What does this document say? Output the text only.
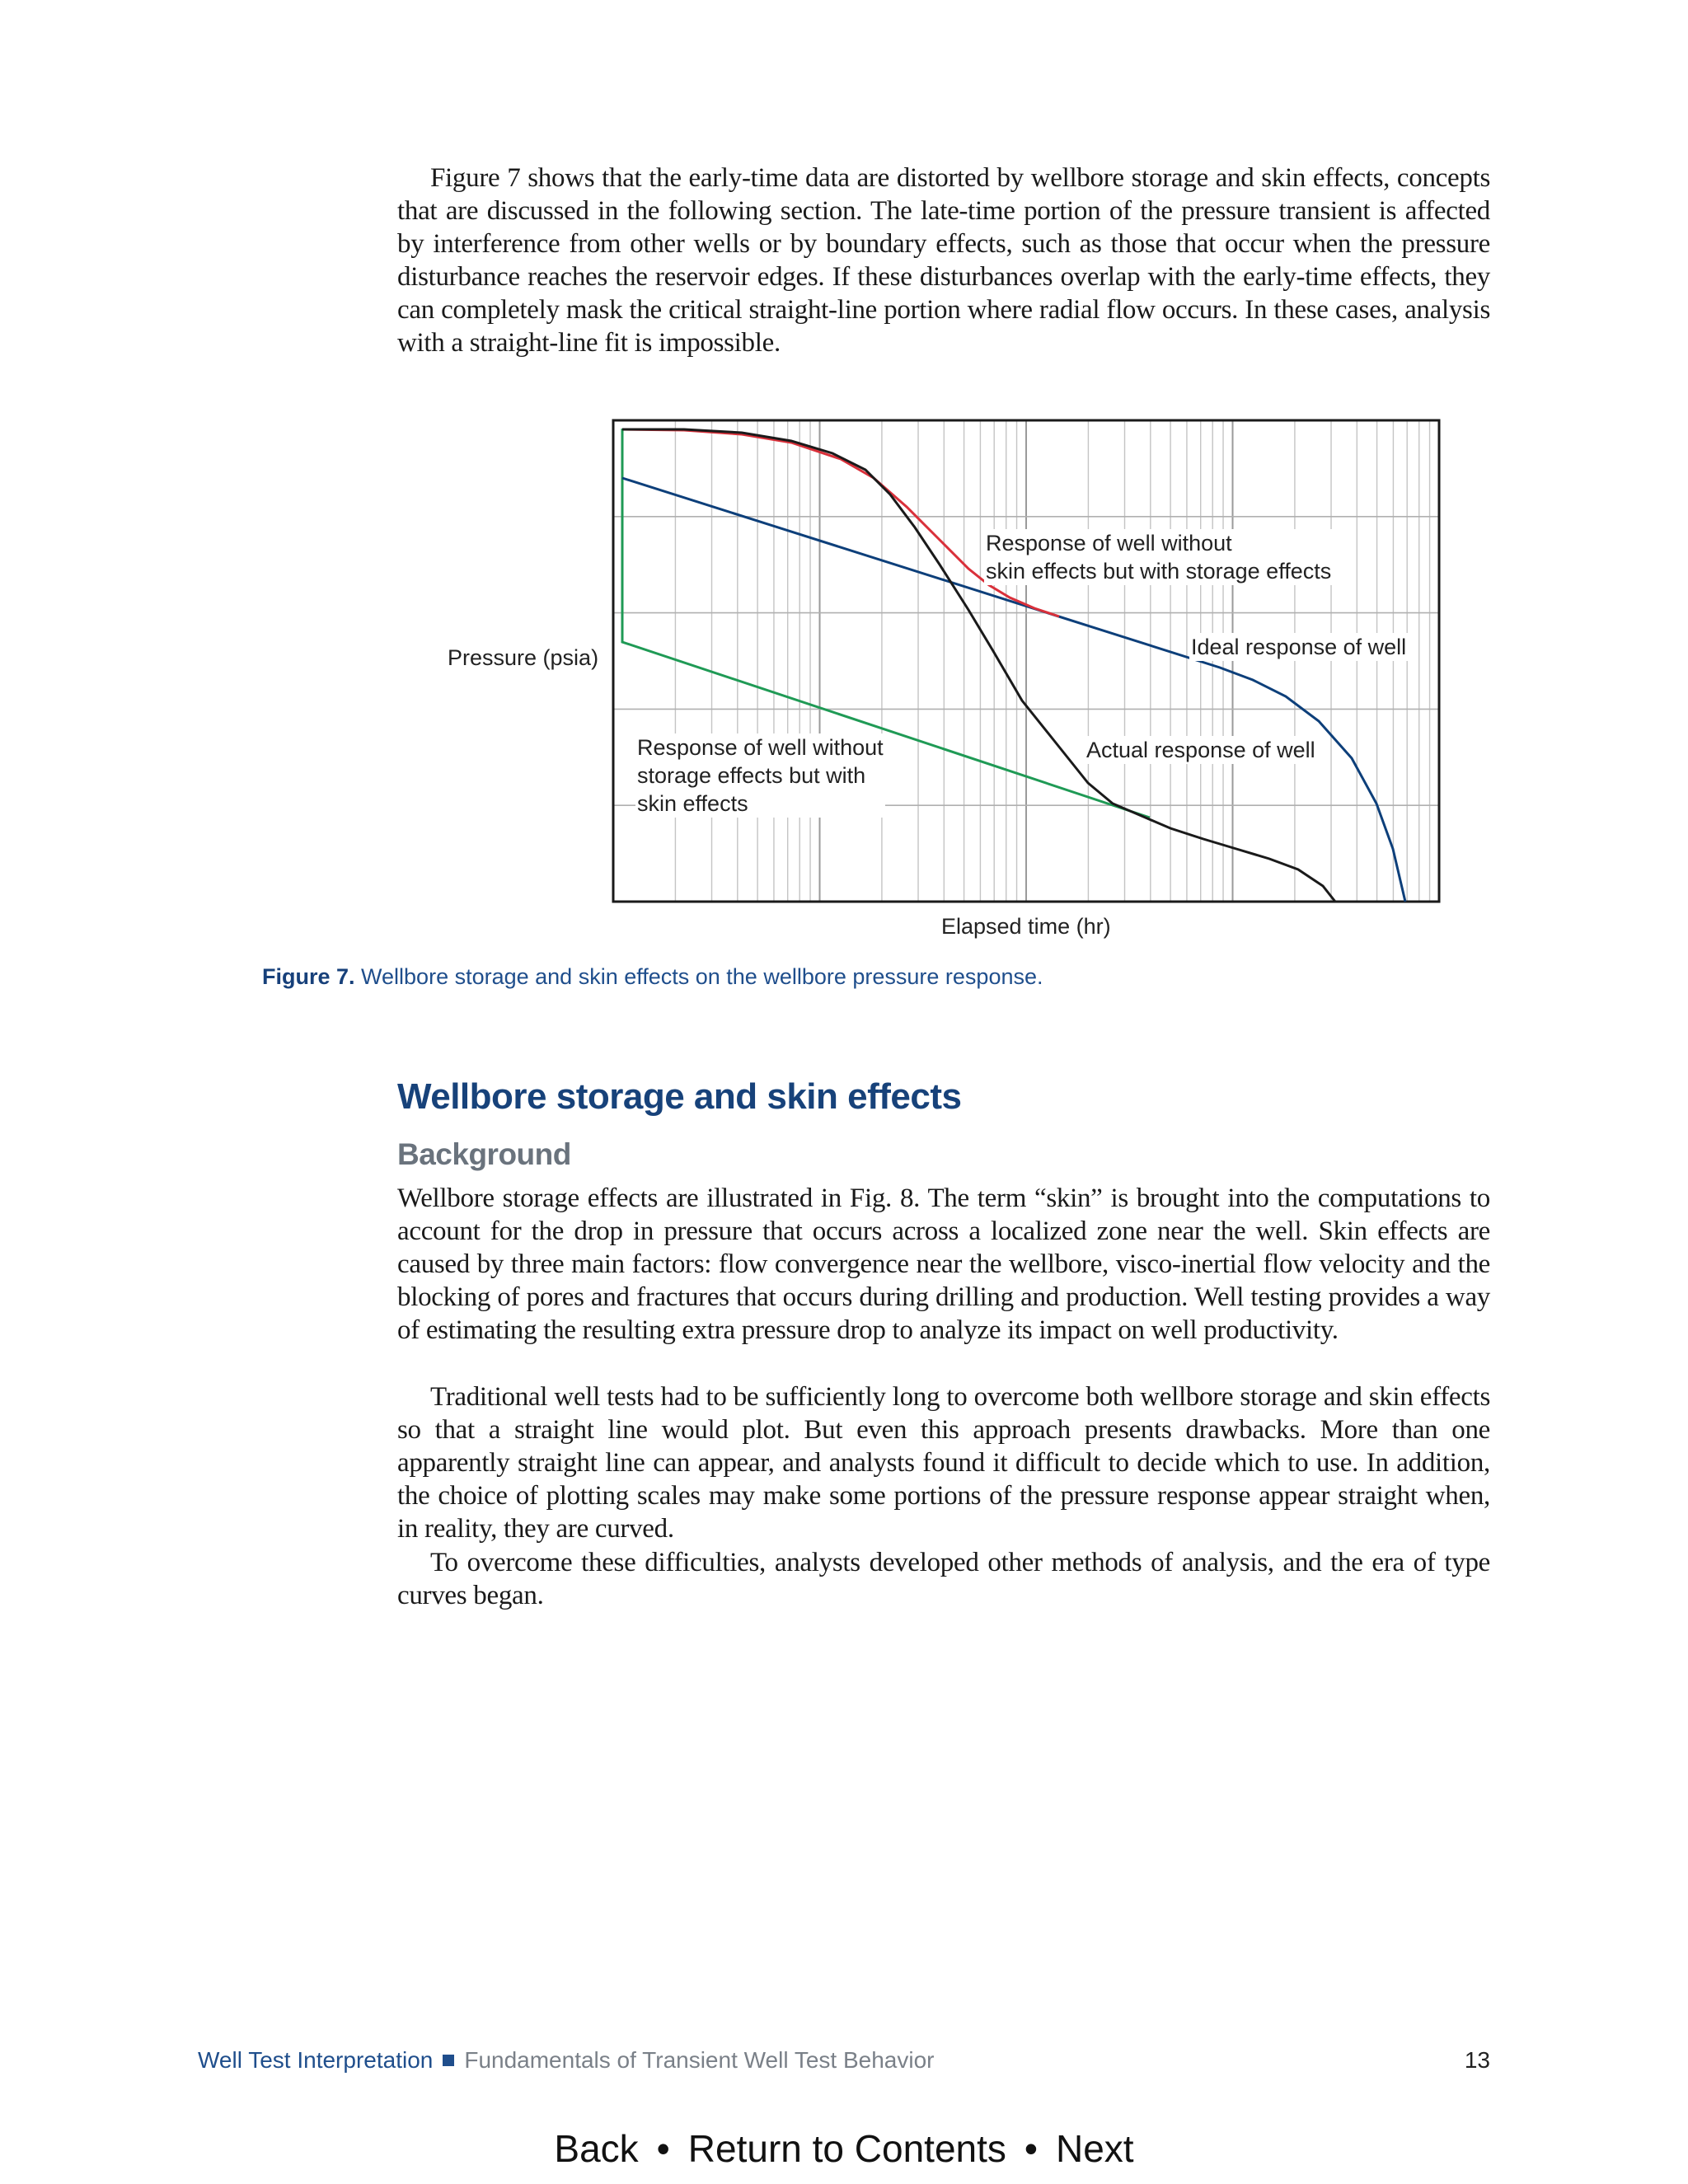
Figure 7 shows that the early-time data are distorted by wellbore storage and skin effects, concepts that are discussed in the following section. The late-time portion of the pressure transient is affected by interference from other wells or by boundary effects, such as those that occur when the pressure disturbance reaches the reservoir edges. If these disturbances overlap with the early-time effects, they can completely mask the critical straight-line portion where radial flow occurs. In these cases, analysis with a straight-line fit is impossible.

Pressure (psia)
Elapsed time (hr)
Response of well without
skin effects but with storage effects
Ideal response of well
Actual response of well
Response of well without
storage effects but with
skin effects
Figure 7. Wellbore storage and skin effects on the wellbore pressure response.
Wellbore storage and skin effects
Background

Wellbore storage effects are illustrated in Fig. 8. The term “skin” is brought into the computations to account for the drop in pressure that occurs across a localized zone near the well. Skin effects are caused by three main factors: flow convergence near the wellbore, visco-inertial flow velocity and the blocking of pores and fractures that occurs during drilling and production. Well testing provides a way of estimating the resulting extra pressure drop to analyze its impact on well productivity.

Traditional well tests had to be sufficiently long to overcome both wellbore storage and skin effects so that a straight line would plot. But even this approach presents drawbacks. More than one apparently straight line can appear, and analysts found it difficult to decide which to use. In addition, the choice of plotting scales may make some portions of the pressure response appear straight when, in reality, they are curved.

To overcome these difficulties, analysts developed other methods of analysis, and the era of type curves began.

Well Test Interpretation Fundamentals of Transient Well Test Behavior	13
Back • Return to Contents • Next
